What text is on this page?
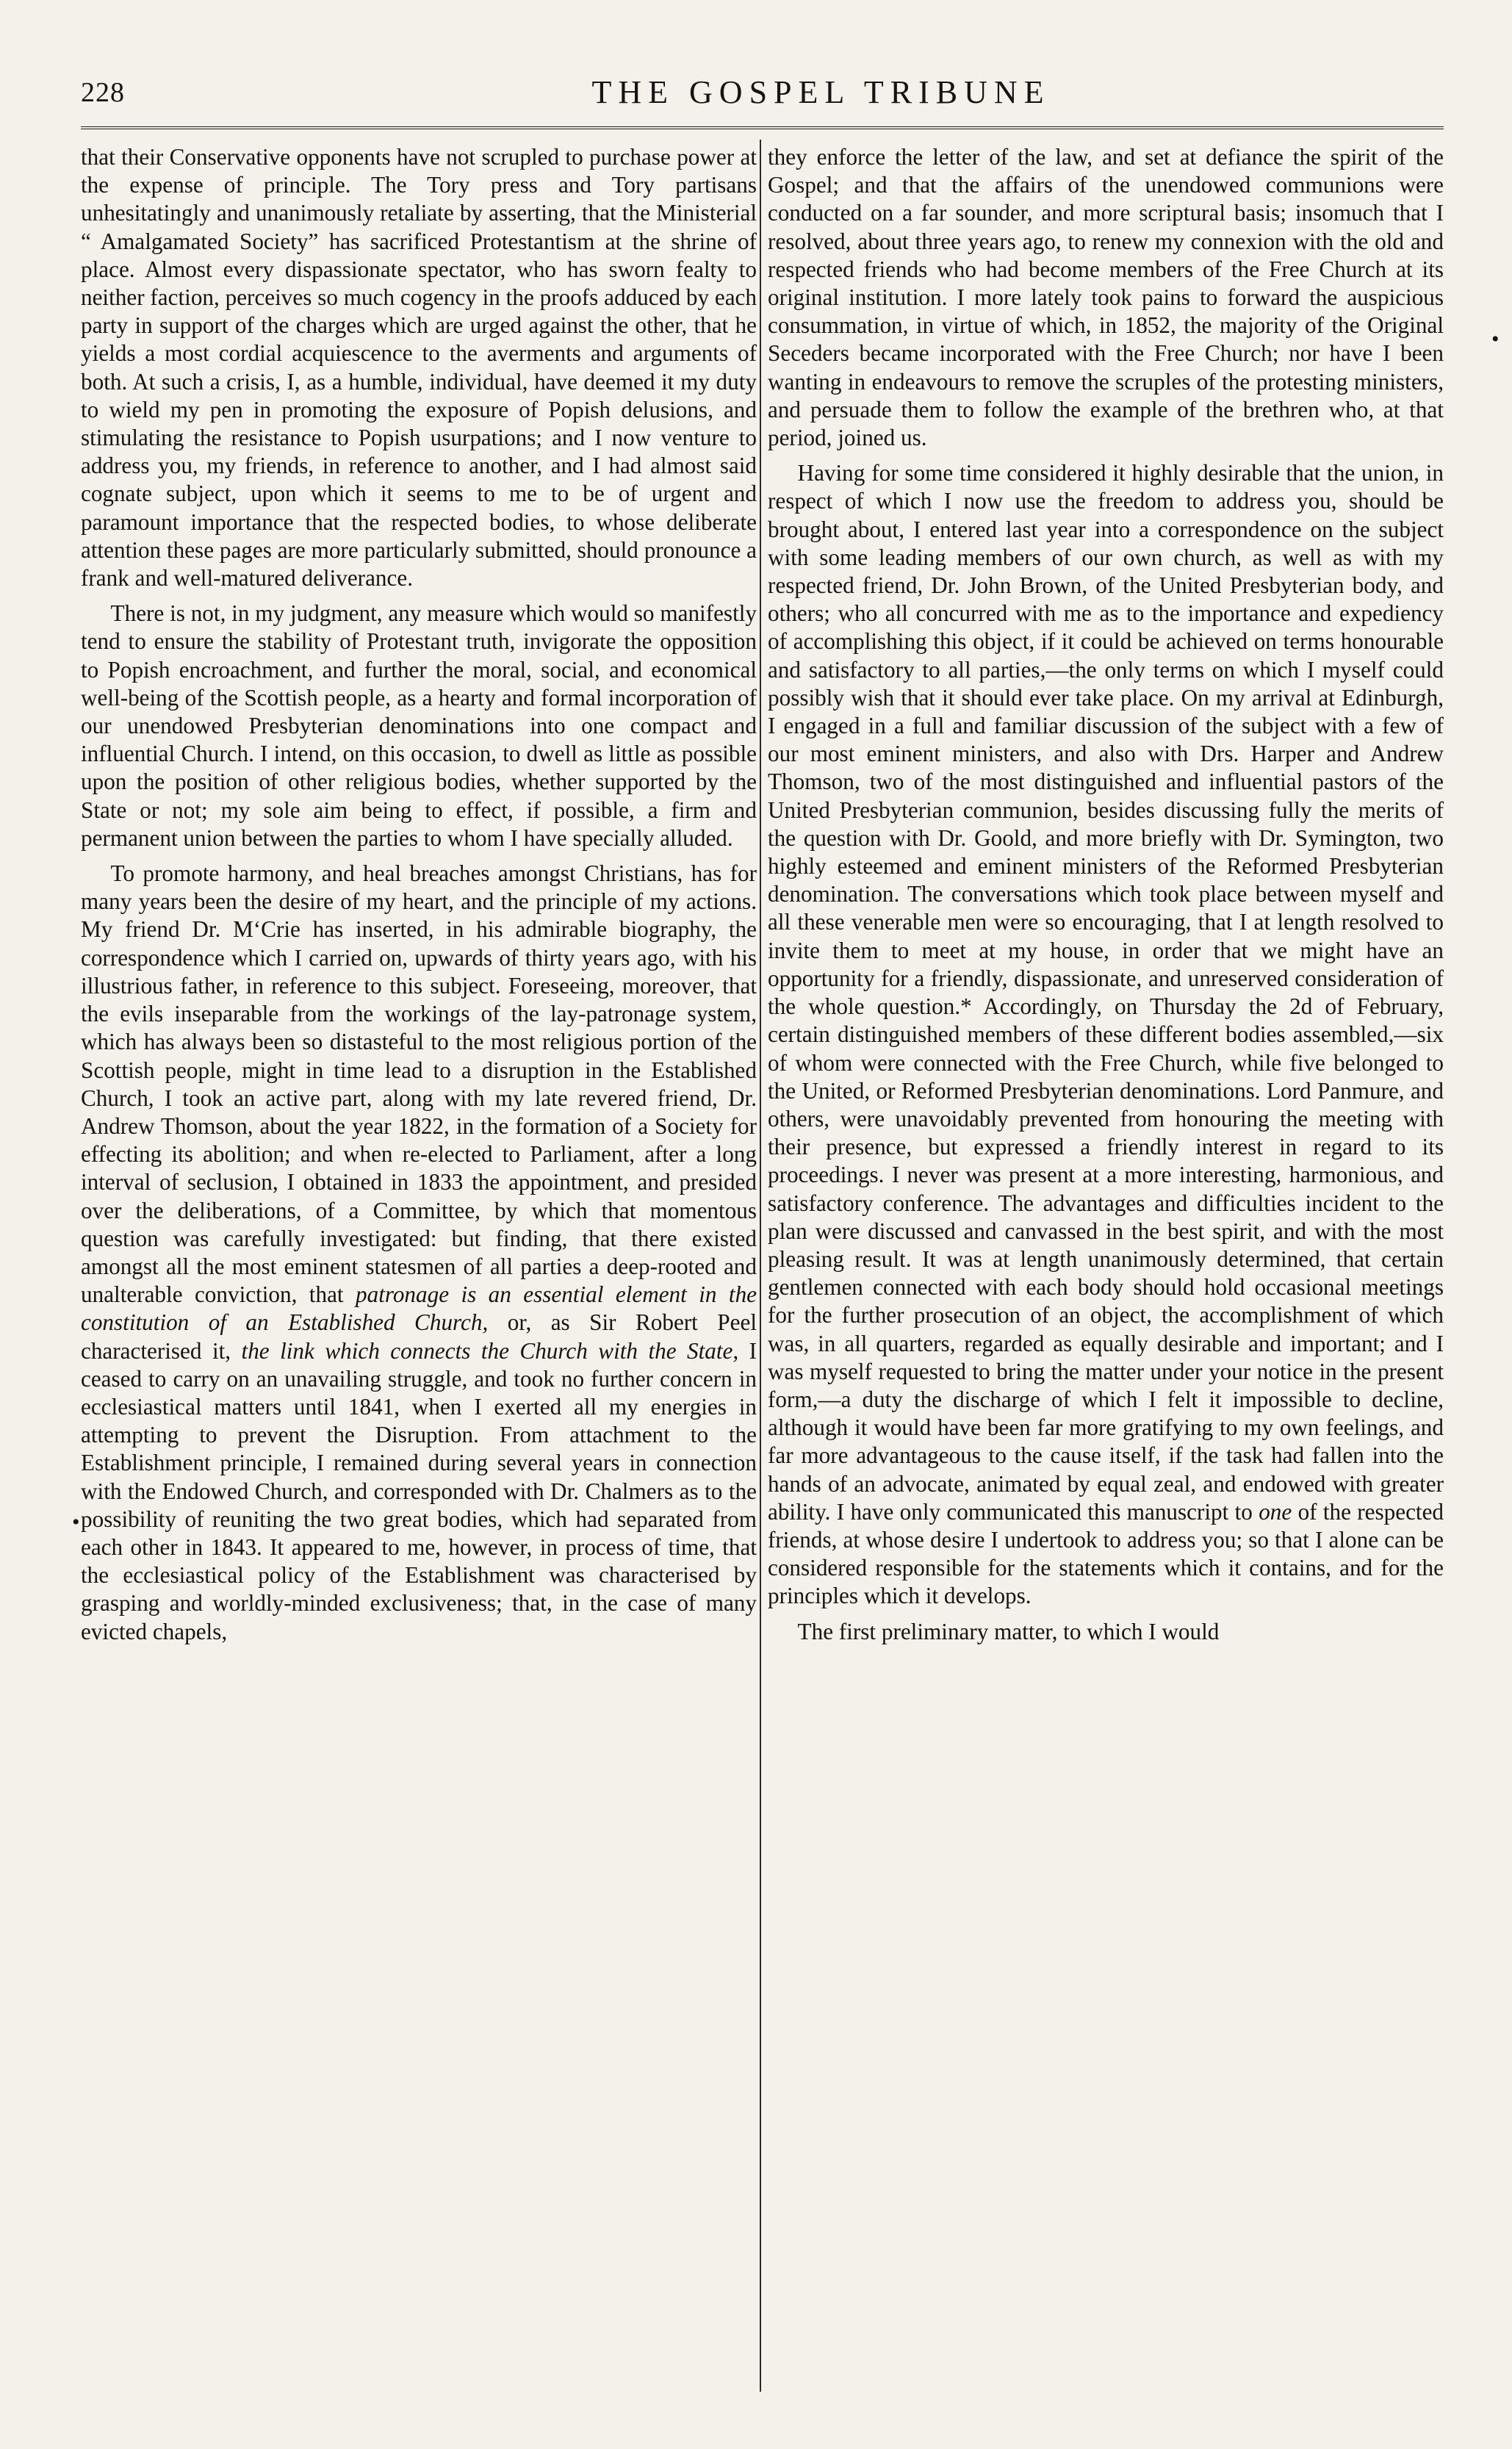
228	THE GOSPEL TRIBUNE

that their Conservative opponents have not scrupled to purchase power at the expense of principle. The Tory press and Tory partisans unhesitatingly and unanimously retaliate by asserting, that the Ministerial “ Amalgamated Society” has sacrificed Protestantism at the shrine of place. Almost every dispassionate spectator, who has sworn fealty to neither faction, perceives so much cogency in the proofs adduced by each party in support of the charges which are urged against the other, that he yields a most cordial acquiescence to the averments and arguments of both. At such a crisis, I, as a humble, individual, have deemed it my duty to wield my pen in promoting the exposure of Popish delusions, and stimulating the resistance to Popish usurpations; and I now venture to address you, my friends, in reference to another, and I had almost said cognate subject, upon which it seems to me to be of urgent and paramount importance that the respected bodies, to whose deliberate attention these pages are more particularly submitted, should pronounce a frank and well-matured deliverance.

There is not, in my judgment, any measure which would so manifestly tend to ensure the stability of Protestant truth, invigorate the opposition to Popish encroachment, and further the moral, social, and economical well-being of the Scottish people, as a hearty and formal incorporation of our unendowed Presbyterian denominations into one compact and influential Church. I intend, on this occasion, to dwell as little as possible upon the position of other religious bodies, whether supported by the State or not; my sole aim being to effect, if possible, a firm and permanent union between the parties to whom I have specially alluded.

To promote harmony, and heal breaches amongst Christians, has for many years been the desire of my heart, and the principle of my actions. My friend Dr. M‘Crie has inserted, in his admirable biography, the correspondence which I carried on, upwards of thirty years ago, with his illustrious father, in reference to this subject. Foreseeing, moreover, that the evils inseparable from the workings of the lay-patronage system, which has always been so distasteful to the most religious portion of the Scottish people, might in time lead to a disruption in the Established Church, I took an active part, along with my late revered friend, Dr. Andrew Thomson, about the year 1822, in the formation of a Society for effecting its abolition; and when re-elected to Parliament, after a long interval of seclusion, I obtained in 1833 the appointment, and presided over the deliberations, of a Committee, by which that momentous question was carefully investigated: but finding, that there existed amongst all the most eminent statesmen of all parties a deep-rooted and unalterable conviction, that patronage is an essential element in the constitution of an Established Church, or, as Sir Robert Peel characterised it, the link which connects the Church with the State, I ceased to carry on an unavailing struggle, and took no further concern in ecclesiastical matters until 1841, when I exerted all my energies in attempting to prevent the Disruption. From attachment to the Establishment principle, I remained during several years in connection with the Endowed Church, and corresponded with Dr. Chalmers as to the possibility of reuniting the two great bodies, which had separated from each other in 1843. It appeared to me, however, in process of time, that the ecclesiastical policy of the Establishment was characterised by grasping and worldly-minded exclusiveness; that, in the case of many evicted chapels,

they enforce the letter of the law, and set at defiance the spirit of the Gospel; and that the affairs of the unendowed communions were conducted on a far sounder, and more scriptural basis; insomuch that I resolved, about three years ago, to renew my connexion with the old and respected friends who had become members of the Free Church at its original institution. I more lately took pains to forward the auspicious consummation, in virtue of which, in 1852, the majority of the Original Seceders became incorporated with the Free Church; nor have I been wanting in endeavours to remove the scruples of the protesting ministers, and persuade them to follow the example of the brethren who, at that period, joined us.

Having for some time considered it highly desirable that the union, in respect of which I now use the freedom to address you, should be brought about, I entered last year into a correspondence on the subject with some leading members of our own church, as well as with my respected friend, Dr. John Brown, of the United Presbyterian body, and others; who all concurred with me as to the importance and expediency of accomplishing this object, if it could be achieved on terms honourable and satisfactory to all parties,—the only terms on which I myself could possibly wish that it should ever take place. On my arrival at Edinburgh, I engaged in a full and familiar discussion of the subject with a few of our most eminent ministers, and also with Drs. Harper and Andrew Thomson, two of the most distinguished and influential pastors of the United Presbyterian communion, besides discussing fully the merits of the question with Dr. Goold, and more briefly with Dr. Symington, two highly esteemed and eminent ministers of the Reformed Presbyterian denomination. The conversations which took place between myself and all these venerable men were so encouraging, that I at length resolved to invite them to meet at my house, in order that we might have an opportunity for a friendly, dispassionate, and unreserved consideration of the whole question.* Accordingly, on Thursday the 2d of February, certain distinguished members of these different bodies assembled,—six of whom were connected with the Free Church, while five belonged to the United, or Reformed Presbyterian denominations. Lord Panmure, and others, were unavoidably prevented from honouring the meeting with their presence, but expressed a friendly interest in regard to its proceedings. I never was present at a more interesting, harmonious, and satisfactory conference. The advantages and difficulties incident to the plan were discussed and canvassed in the best spirit, and with the most pleasing result. It was at length unanimously determined, that certain gentlemen connected with each body should hold occasional meetings for the further prosecution of an object, the accomplishment of which was, in all quarters, regarded as equally desirable and important; and I was myself requested to bring the matter under your notice in the present form,—a duty the discharge of which I felt it impossible to decline, although it would have been far more gratifying to my own feelings, and far more advantageous to the cause itself, if the task had fallen into the hands of an advocate, animated by equal zeal, and endowed with greater ability. I have only communicated this manuscript to one of the respected friends, at whose desire I undertook to address you; so that I alone can be considered responsible for the statements which it contains, and for the principles which it develops.

The first preliminary matter, to which I would

•
•
